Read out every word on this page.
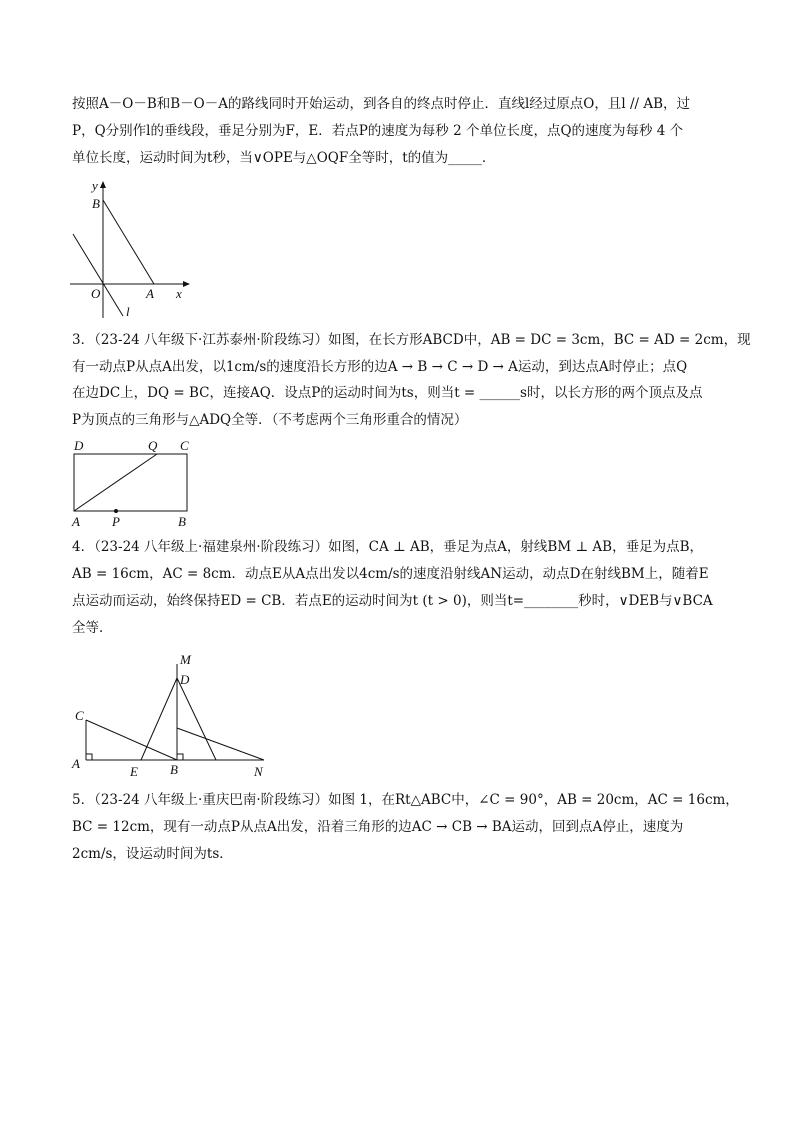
按照A－O－B和B－O－A的路线同时开始运动，到各自的终点时停止．直线l经过原点O，且l // AB，过
P，Q分别作l的垂线段，垂足分别为F，E．若点P的速度为每秒 2 个单位长度，点Q的速度为每秒 4 个
单位长度，运动时间为t秒，当∨OPE与△OQF全等时，t的值为_____．
y
B
O	A x
l
3．（23-24 八年级下·江苏泰州·阶段练习）如图，在长方形ABCD中，AB = DC = 3cm，BC = AD = 2cm，现
有一动点P从点A出发，以1cm/s的速度沿长方形的边A → B → C → D → A运动，到达点A时停止；点Q
在边DC上，DQ = BC，连接AQ．设点P的运动时间为ts，则当t = ______s时，以长方形的两个顶点及点
P为顶点的三角形与△ADQ全等．（不考虑两个三角形重合的情况）
D	Q C
A P	B
4．（23-24 八年级上·福建泉州·阶段练习）如图，CA ⊥ AB，垂足为点A，射线BM ⊥ AB，垂足为点B，
AB = 16cm，AC = 8cm．动点E从A点出发以4cm/s的速度沿射线AN运动，动点D在射线BM上，随着E
点运动而运动，始终保持ED = CB．若点E的运动时间为t (t > 0)，则当t=________秒时，∨DEB与∨BCA
全等．
M
D
C
A
E B	N
5．（23-24 八年级上·重庆巴南·阶段练习）如图 1，在Rt△ABC中，∠C = 90°，AB = 20cm，AC = 16cm，
BC = 12cm，现有一动点P从点A出发，沿着三角形的边AC → CB → BA运动，回到点A停止，速度为
2cm/s，设运动时间为ts．
